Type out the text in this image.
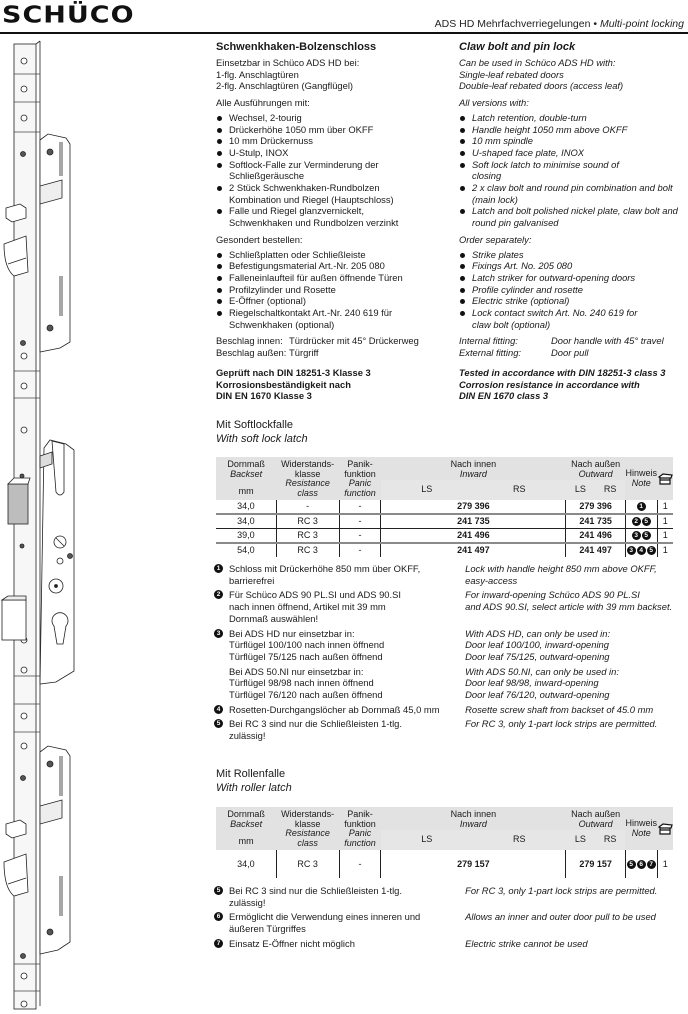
SCHÜCO	ADS HD Mehrfachverriegelungen • Multi-point locking
Schwenkhaken-Bolzenschloss

Einsetzbar in Schüco ADS HD bei:

1-flg. Anschlagtüren

2-flg. Anschlagtüren (Gangflügel)

Alle Ausführungen mit:

Wechsel, 2-tourig
Drückerhöhe 1050 mm über OKFF
10 mm Drückernuss
U-Stulp, INOX
Softlock-Falle zur Verminderung der Schließgeräusche
2 Stück Schwenkhaken-Rundbolzen Kombination und Riegel (Hauptschloss)
Falle und Riegel glanzvernickelt, Schwenkhaken und Rundbolzen verzinkt

Gesondert bestellen:

Schließplatten oder Schließleiste
Befestigungsmaterial Art.-Nr. 205 080
Falleneinlaufteil für außen öffnende Türen
Profilzylinder und Rosette
E-Öffner (optional)
Riegelschaltkontakt Art.-Nr. 240 619 für Schwenkhaken (optional)
Beschlag innen: Türdrücker mit 45° Drückerweg
Beschlag außen: Türgriff

Geprüft nach DIN 18251-3 Klasse 3

Korrosionsbeständigkeit nach

DIN EN 1670 Klasse 3

Claw bolt and pin lock

Can be used in Schüco ADS HD with:

Single-leaf rebated doors

Double-leaf rebated doors (access leaf)

All versions with:

Latch retention, double-turn
Handle height 1050 mm above OKFF
10 mm spindle
U-shaped face plate, INOX
Soft lock latch to minimise sound of closing
2 x claw bolt and round pin combination and bolt (main lock)
Latch and bolt polished nickel plate, claw bolt and round pin galvanised

Order separately:

Strike plates
Fixings Art. No. 205 080
Latch striker for outward-opening doors
Profile cylinder and rosette
Electric strike (optional)
Lock contact switch Art. No. 240 619 for claw bolt (optional)
Internal fitting:	Door handle with 45° travel
External fitting:	Door pull

Tested in accordance with DIN 18251-3 class 3

Corrosion resistance in accordance with

DIN EN 1670 class 3

Mit Softlockfalle
With soft lock latch
Dornmaß
Backset
mm

Widerstands-
klasse
Resistance
class	
Panik-
funktion
Panic
function	
Nach innen
Inward	
Nach außen
Outward	Hinweis
Note	

			LS RS	LS RS		

34,0	-	-	279 396	279 396	1	1
34,0	RC 3	-	241 735	241 735	2 5	1
39,0	RC 3	-	241 496	241 496	3 5	1
54,0	RC 3	-	241 497	241 497	3 4 5	1
1 Schloss mit Drückerhöhe 850 mm über OKFF,

barrierefrei

Lock with handle height 850 mm above OKFF,

easy-access

2 Für Schüco ADS 90 PL.SI und ADS 90.SI

nach innen öffnend, Artikel mit 39 mm

Dornmaß auswählen!

For inward-opening Schüco ADS 90 PL.SI

and ADS 90.SI, select article with 39 mm backset.

3 Bei ADS HD nur einsetzbar in:

Türflügel 100/100 nach innen öffnend

Türflügel 75/125 nach außen öffnend

With ADS HD, can only be used in:

Door leaf 100/100, inward-opening

Door leaf 75/125, outward-opening

Bei ADS 50.NI nur einsetzbar in:

Türflügel 98/98 nach innen öffnend

Türflügel 76/120 nach außen öffnend

With ADS 50.NI, can only be used in:

Door leaf 98/98, inward-opening

Door leaf 76/120, outward-opening

4 Rosetten-Durchgangslöcher ab Dornmaß 45,0 mm	Rosette screw shaft from backset of 45.0 mm

5 Bei RC 3 sind nur die Schließleisten 1-tlg.

zulässig!

For RC 3, only 1-part lock strips are permitted.

Mit Rollenfalle
With roller latch
Dornmaß
Backset
mm

Widerstands-
klasse
Resistance
class	
Panik-
funktion
Panic
function	
Nach innen
Inward	
Nach außen
Outward	Hinweis
Note	

			LS RS	LS RS		

34,0	RC 3	-	279 157	279 157	5 6 7	1
5 Bei RC 3 sind nur die Schließleisten 1-tlg.

zulässig!

For RC 3, only 1-part lock strips are permitted.

6 Ermöglicht die Verwendung eines inneren und

äußeren Türgriffes

Allows an inner and outer door pull to be used

7 Einsatz E-Öffner nicht möglich	Electric strike cannot be used
